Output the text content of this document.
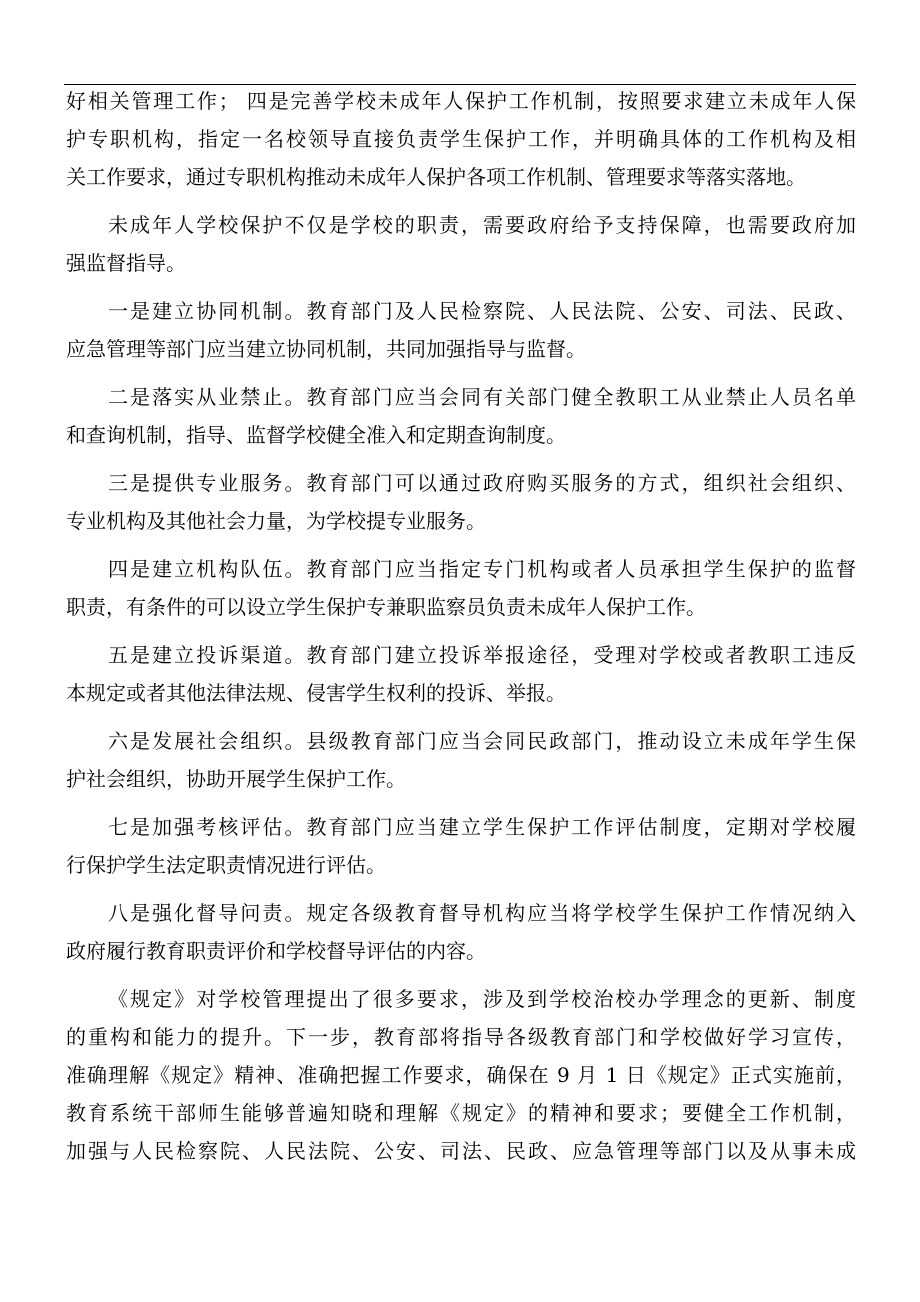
好相关管理工作； 四是完善学校未成年人保护工作机制，按照要求建立未成年人保
护专职机构，指定一名校领导直接负责学生保护工作，并明确具体的工作机构及相
关工作要求，通过专职机构推动未成年人保护各项工作机制、管理要求等落实落地。
未成年人学校保护不仅是学校的职责，需要政府给予支持保障，也需要政府加
强监督指导。
一是建立协同机制。教育部门及人民检察院、人民法院、公安、司法、民政、
应急管理等部门应当建立协同机制，共同加强指导与监督。
二是落实从业禁止。教育部门应当会同有关部门健全教职工从业禁止人员名单
和查询机制，指导、监督学校健全准入和定期查询制度。
三是提供专业服务。教育部门可以通过政府购买服务的方式，组织社会组织、
专业机构及其他社会力量，为学校提专业服务。
四是建立机构队伍。教育部门应当指定专门机构或者人员承担学生保护的监督
职责，有条件的可以设立学生保护专兼职监察员负责未成年人保护工作。
五是建立投诉渠道。教育部门建立投诉举报途径，受理对学校或者教职工违反
本规定或者其他法律法规、侵害学生权利的投诉、举报。
六是发展社会组织。县级教育部门应当会同民政部门，推动设立未成年学生保
护社会组织，协助开展学生保护工作。
七是加强考核评估。教育部门应当建立学生保护工作评估制度，定期对学校履
行保护学生法定职责情况进行评估。
八是强化督导问责。规定各级教育督导机构应当将学校学生保护工作情况纳入
政府履行教育职责评价和学校督导评估的内容。
《规定》对学校管理提出了很多要求，涉及到学校治校办学理念的更新、制度
的重构和能力的提升。下一步，教育部将指导各级教育部门和学校做好学习宣传，
准确理解《规定》精神、准确把握工作要求，确保在 9 月 1 日《规定》正式实施前，
教育系统干部师生能够普遍知晓和理解《规定》的精神和要求；要健全工作机制，
加强与人民检察院、人民法院、公安、司法、民政、应急管理等部门以及从事未成
